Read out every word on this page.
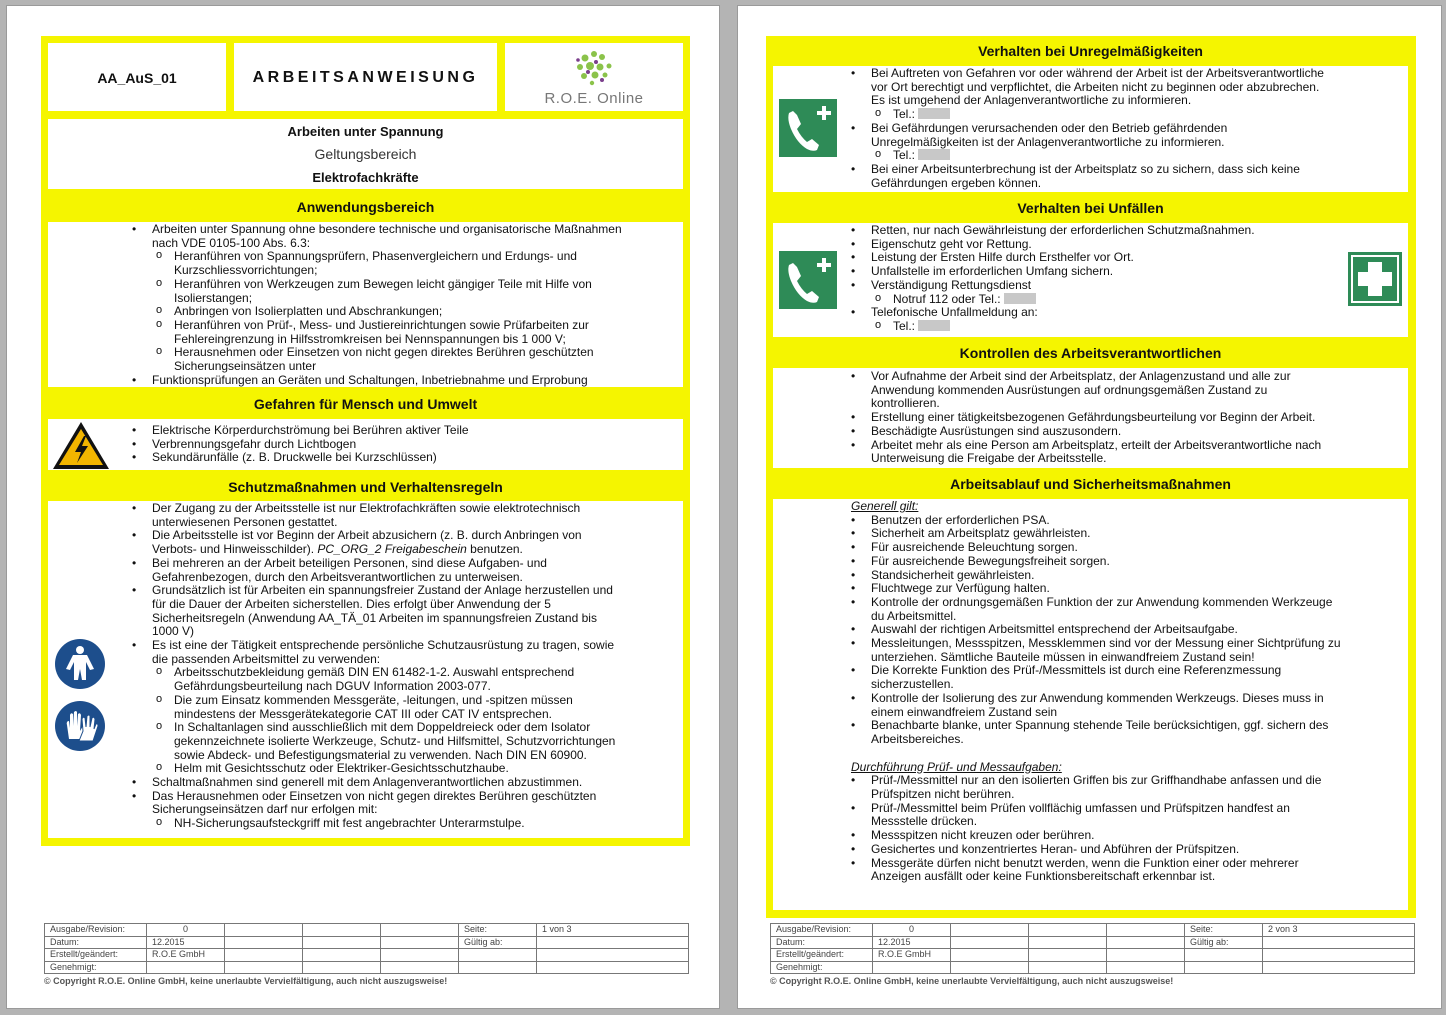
AA_AuS_01	ARBEITSANWEISUNG
R.O.E. Online
Arbeiten unter Spannung
Geltungsbereich
Elektrofachkräfte
Anwendungsbereich
• Arbeiten unter Spannung ohne besondere technische und organisatorische Maßnahmen nach VDE 0105-100 Abs. 6.3:
o Heranführen von Spannungsprüfern, Phasenvergleichern und Erdungs- und Kurzschliessvorrichtungen;
o Heranführen von Werkzeugen zum Bewegen leicht gängiger Teile mit Hilfe von Isolierstangen;
o Anbringen von Isolierplatten und Abschrankungen;
o Heranführen von Prüf-, Mess- und Justiereinrichtungen sowie Prüfarbeiten zur Fehlereingrenzung in Hilfsstromkreisen bei Nennspannungen bis 1 000 V;
o Herausnehmen oder Einsetzen von nicht gegen direktes Berühren geschützten Sicherungseinsätzen unter
• Funktionsprüfungen an Geräten und Schaltungen, Inbetriebnahme und Erprobung
Gefahren für Mensch und Umwelt
• Elektrische Körperdurchströmung bei Berühren aktiver Teile
• Verbrennungsgefahr durch Lichtbogen
• Sekundärunfälle (z. B. Druckwelle bei Kurzschlüssen)
Schutzmaßnahmen und Verhaltensregeln
• Der Zugang zu der Arbeitsstelle ist nur Elektrofachkräften sowie elektrotechnisch unterwiesenen Personen gestattet.
• Die Arbeitsstelle ist vor Beginn der Arbeit abzusichern (z. B. durch Anbringen von Verbots- und Hinweisschilder). PC_ORG_2 Freigabeschein benutzen.
• Bei mehreren an der Arbeit beteiligen Personen, sind diese Aufgaben- und Gefahrenbezogen, durch den Arbeitsverantwortlichen zu unterweisen.
• Grundsätzlich ist für Arbeiten ein spannungsfreier Zustand der Anlage herzustellen und für die Dauer der Arbeiten sicherstellen. Dies erfolgt über Anwendung der 5 Sicherheitsregeln (Anwendung AA_TÄ_01 Arbeiten im spannungsfreien Zustand bis 1000 V)
• Es ist eine der Tätigkeit entsprechende persönliche Schutzausrüstung zu tragen, sowie die passenden Arbeitsmittel zu verwenden:
o Arbeitsschutzbekleidung gemäß DIN EN 61482-1-2. Auswahl entsprechend Gefährdungsbeurteilung nach DGUV Information 2003-077.
o Die zum Einsatz kommenden Messgeräte, -leitungen, und -spitzen müssen mindestens der Messgerätekategorie CAT III oder CAT IV entsprechen.
o In Schaltanlagen sind ausschließlich mit dem Doppeldreieck oder dem Isolator gekennzeichnete isolierte Werkzeuge, Schutz- und Hilfsmittel, Schutzvorrichtungen sowie Abdeck- und Befestigungsmaterial zu verwenden. Nach DIN EN 60900.
o Helm mit Gesichtsschutz oder Elektriker-Gesichtsschutzhaube.
• Schaltmaßnahmen sind generell mit dem Anlagenverantwortlichen abzustimmen.
• Das Herausnehmen oder Einsetzen von nicht gegen direktes Berühren geschützten Sicherungseinsätzen darf nur erfolgen mit:
o NH-Sicherungsaufsteckgriff mit fest angebrachter Unterarmstulpe.
Ausgabe/Revision:	0				Seite:	1 von 3
Datum:	12.2015				Gültig ab:	
Erstellt/geändert:	R.O.E GmbH					
Genehmigt:						
© Copyright R.O.E. Online GmbH, keine unerlaubte Vervielfältigung, auch nicht auszugsweise!
Verhalten bei Unregelmäßigkeiten
• Bei Auftreten von Gefahren vor oder während der Arbeit ist der Arbeitsverantwortliche vor Ort berechtigt und verpflichtet, die Arbeiten nicht zu beginnen oder abzubrechen. Es ist umgehend der Anlagenverantwortliche zu informieren.
o Tel.:
• Bei Gefährdungen verursachenden oder den Betrieb gefährdenden Unregelmäßigkeiten ist der Anlagenverantwortliche zu informieren.
o Tel.:
• Bei einer Arbeitsunterbrechung ist der Arbeitsplatz so zu sichern, dass sich keine Gefährdungen ergeben können.
Verhalten bei Unfällen
• Retten, nur nach Gewährleistung der erforderlichen Schutzmaßnahmen.
• Eigenschutz geht vor Rettung.
• Leistung der Ersten Hilfe durch Ersthelfer vor Ort.
• Unfallstelle im erforderlichen Umfang sichern.
• Verständigung Rettungsdienst
o Notruf 112 oder Tel.:
• Telefonische Unfallmeldung an:
o Tel.:
Kontrollen des Arbeitsverantwortlichen
• Vor Aufnahme der Arbeit sind der Arbeitsplatz, der Anlagenzustand und alle zur Anwendung kommenden Ausrüstungen auf ordnungsgemäßen Zustand zu kontrollieren.
• Erstellung einer tätigkeitsbezogenen Gefährdungsbeurteilung vor Beginn der Arbeit.
• Beschädigte Ausrüstungen sind auszusondern.
• Arbeitet mehr als eine Person am Arbeitsplatz, erteilt der Arbeitsverantwortliche nach Unterweisung die Freigabe der Arbeitsstelle.
Arbeitsablauf und Sicherheitsmaßnahmen
Generell gilt:
• Benutzen der erforderlichen PSA.
• Sicherheit am Arbeitsplatz gewährleisten.
• Für ausreichende Beleuchtung sorgen.
• Für ausreichende Bewegungsfreiheit sorgen.
• Standsicherheit gewährleisten.
• Fluchtwege zur Verfügung halten.
• Kontrolle der ordnungsgemäßen Funktion der zur Anwendung kommenden Werkzeuge du Arbeitsmittel.
• Auswahl der richtigen Arbeitsmittel entsprechend der Arbeitsaufgabe.
• Messleitungen, Messspitzen, Messklemmen sind vor der Messung einer Sichtprüfung zu unterziehen. Sämtliche Bauteile müssen in einwandfreiem Zustand sein!
• Die Korrekte Funktion des Prüf-/Messmittels ist durch eine Referenzmessung sicherzustellen.
• Kontrolle der Isolierung des zur Anwendung kommenden Werkzeugs. Dieses muss in einem einwandfreiem Zustand sein
• Benachbarte blanke, unter Spannung stehende Teile berücksichtigen, ggf. sichern des Arbeitsbereiches.
Durchführung Prüf- und Messaufgaben:
• Prüf-/Messmittel nur an den isolierten Griffen bis zur Griffhandhabe anfassen und die Prüfspitzen nicht berühren.
• Prüf-/Messmittel beim Prüfen vollflächig umfassen und Prüfspitzen handfest an Messstelle drücken.
• Messspitzen nicht kreuzen oder berühren.
• Gesichertes und konzentriertes Heran- und Abführen der Prüfspitzen.
• Messgeräte dürfen nicht benutzt werden, wenn die Funktion einer oder mehrerer Anzeigen ausfällt oder keine Funktionsbereitschaft erkennbar ist.
Ausgabe/Revision:	0				Seite:	2 von 3
Datum:	12.2015				Gültig ab:	
Erstellt/geändert:	R.O.E GmbH					
Genehmigt:						
© Copyright R.O.E. Online GmbH, keine unerlaubte Vervielfältigung, auch nicht auszugsweise!
